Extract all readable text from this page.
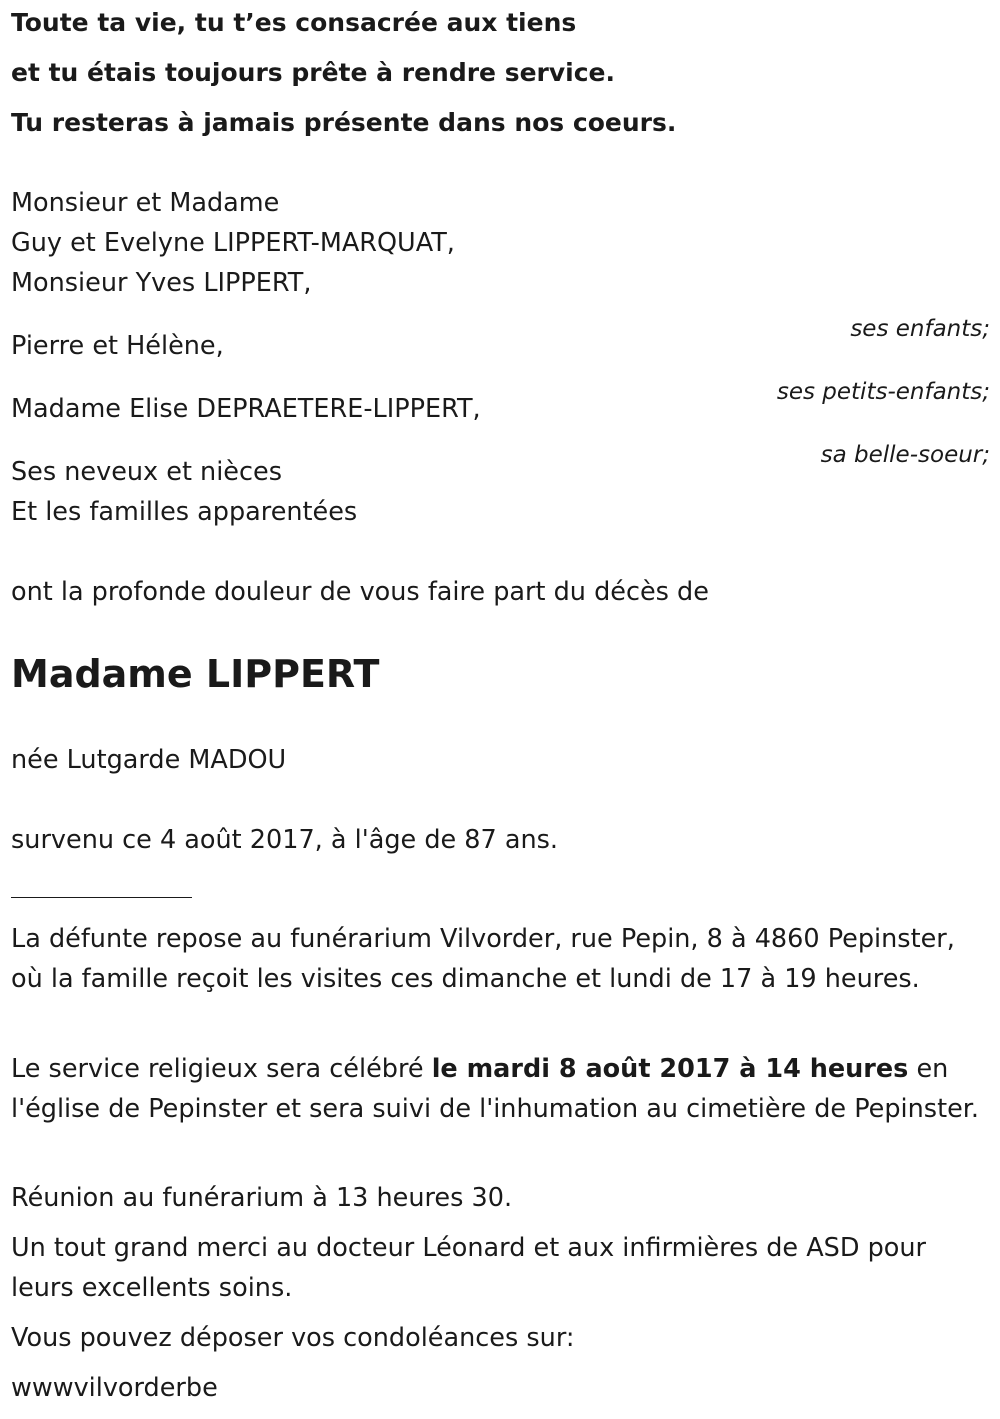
Toute ta vie, tu t’es consacrée aux tiens

et tu étais toujours prête à rendre service.

Tu resteras à jamais présente dans nos coeurs.

Monsieur et Madame

Guy et Evelyne LIPPERT-MARQUAT,

Monsieur Yves LIPPERT,

ses enfants;

Pierre et Hélène,

ses petits-enfants;

Madame Elise DEPRAETERE-LIPPERT,

sa belle-soeur;

Ses neveux et nièces

Et les familles apparentées

ont la profonde douleur de vous faire part du décès de

Madame LIPPERT

née Lutgarde MADOU

survenu ce 4 août 2017, à l'âge de 87 ans.

La défunte repose au funérarium Vilvorder, rue Pepin, 8 à 4860 Pepinster, où la famille reçoit les visites ces dimanche et lundi de 17 à 19 heures.

Le service religieux sera célébré le mardi 8 août 2017 à 14 heures en l'église de Pepinster et sera suivi de l'inhumation au cimetière de Pepinster.

Réunion au funérarium à 13 heures 30.

Un tout grand merci au docteur Léonard et aux infirmières de ASD pour leurs excellents soins.

Vous pouvez déposer vos condoléances sur:

wwwvilvorderbe
